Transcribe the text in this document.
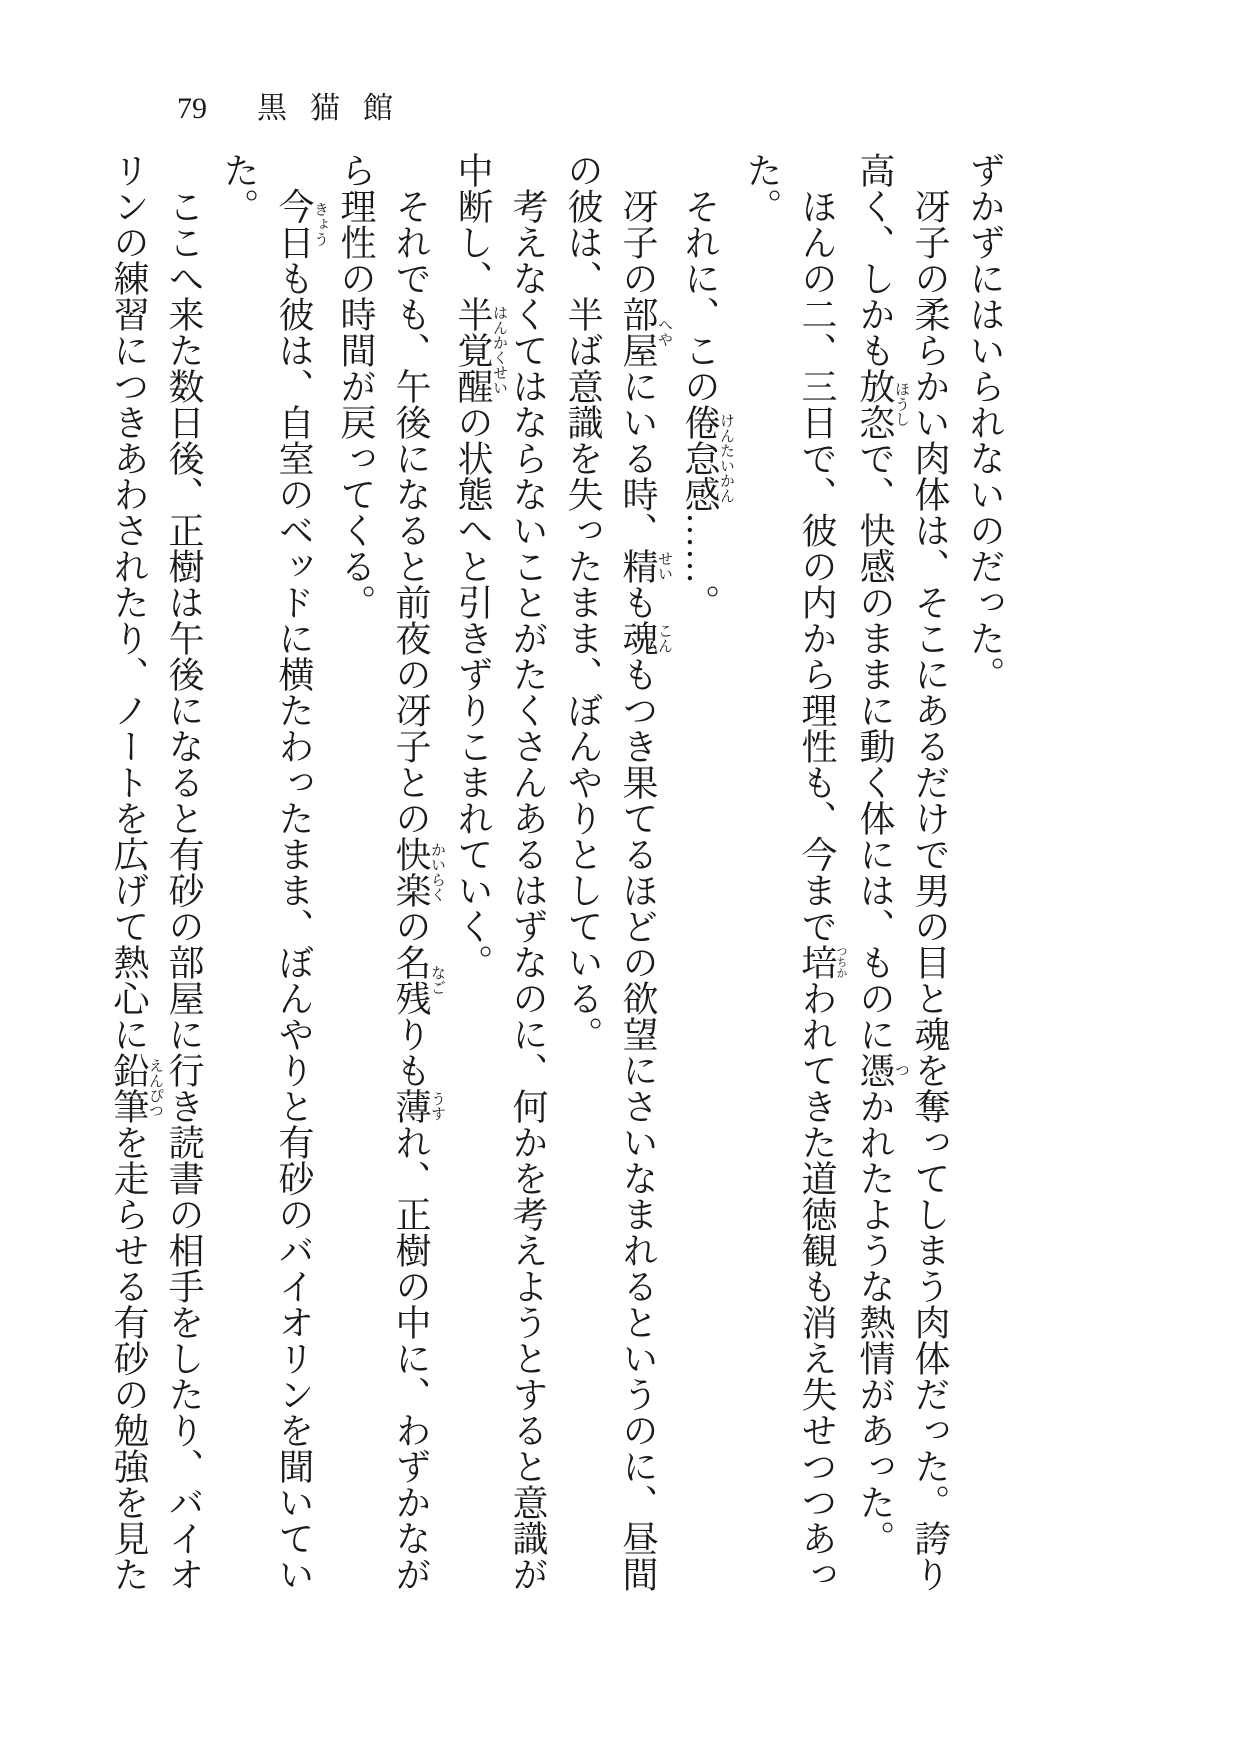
79 黒猫館

ずかずにはいられないのだった。

冴子の柔らかい肉体は、そこにあるだけで男の目と魂を奪ってしまう肉体だった。誇り高く、しかも放恣ほうしで、快感のままに動く体には、ものに憑つかれたような熱情があった。

ほんの二、三日で、彼の内から理性も、今まで培つちかわれてきた道徳観も消え失せつつあった。

それに、この倦怠感けんたいかん……。

冴子の部屋へやにいる時、精せいも魂こんもつき果てるほどの欲望にさいなまれるというのに、昼間の彼は、半ば意識を失ったまま、ぼんやりとしている。

考えなくてはならないことがたくさんあるはずなのに、何かを考えようとすると意識が中断し、半覚醒はんかくせいの状態へと引きずりこまれていく。

それでも、午後になると前夜の冴子との快楽かいらくの名残なごりも薄うすれ、正樹の中に、わずかながら理性の時間が戻ってくる。

今日きょうも彼は、自室のベッドに横たわったまま、ぼんやりと有砂のバイオリンを聞いていた。

ここへ来た数日後、正樹は午後になると有砂の部屋に行き読書の相手をしたり、バイオリンの練習につきあわされたり、ノートを広げて熱心に鉛筆えんぴつを走らせる有砂の勉強を見た
